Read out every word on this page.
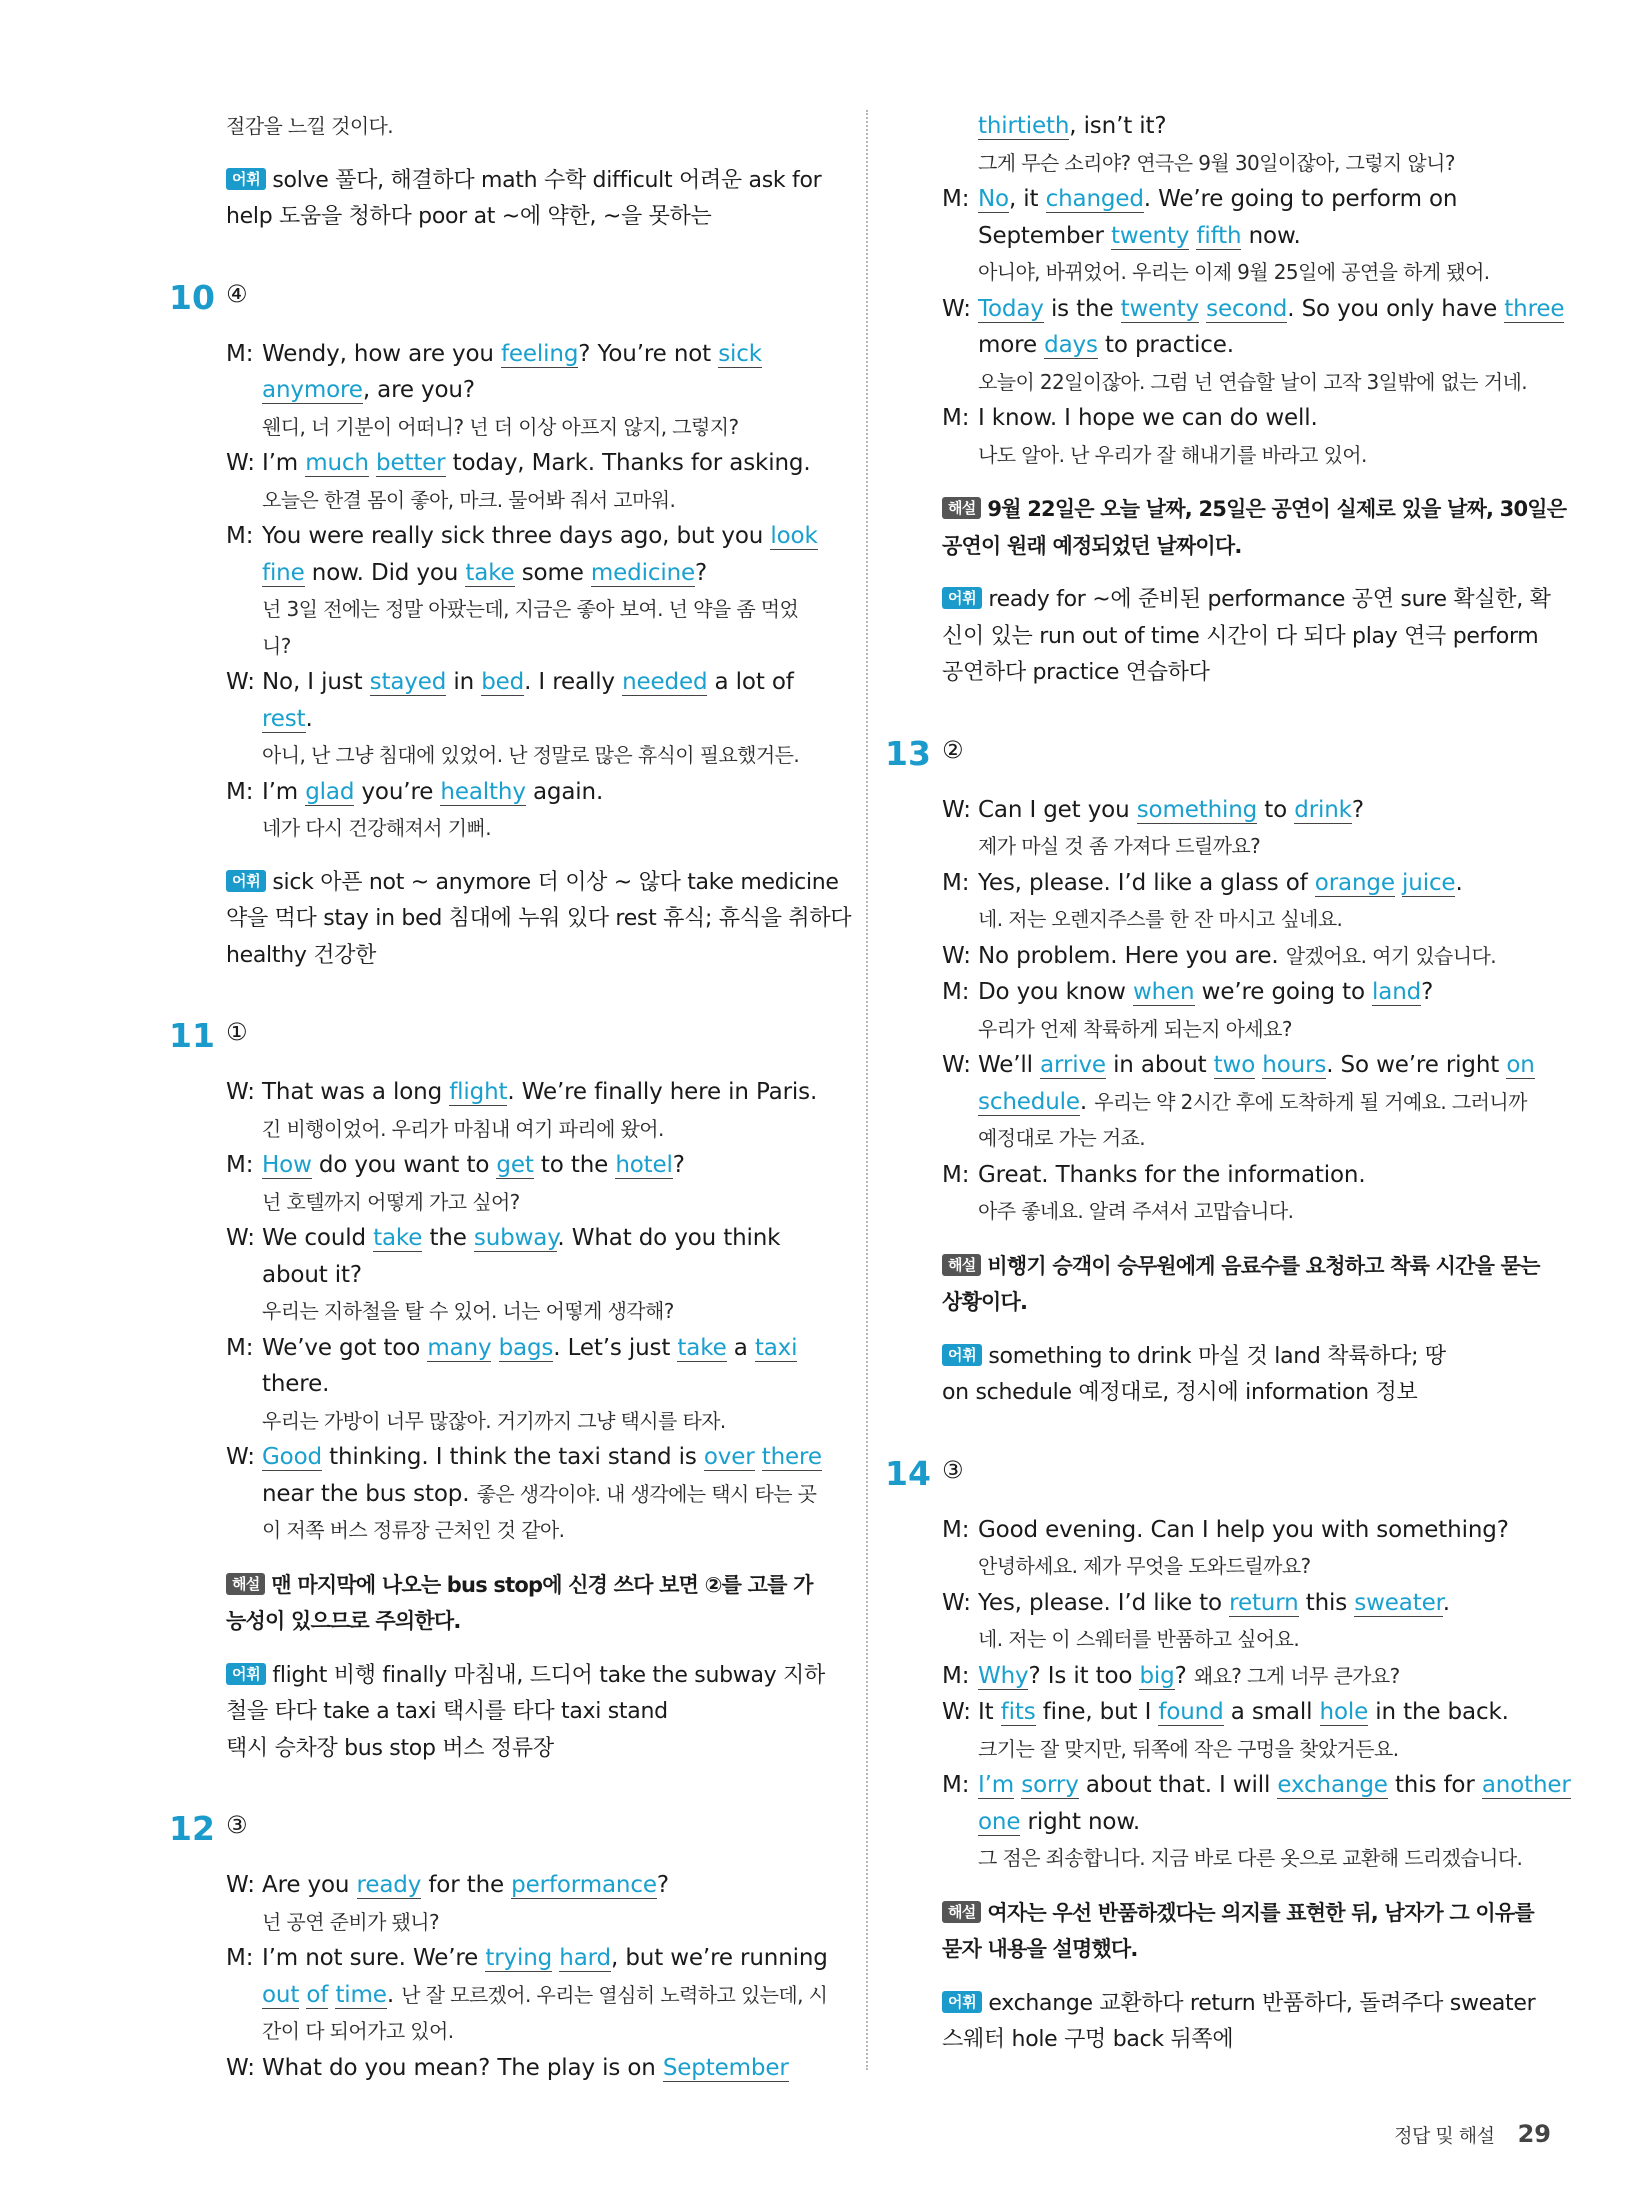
절감을 느낄 것이다.
어휘 solve 풀다, 해결하다 math 수학 difficult 어려운 ask for
help 도움을 청하다 poor at ~에 약한, ~을 못하는
10 ④
M: Wendy, how are you feeling? You’re not sick
anymore, are you?
웬디, 너 기분이 어떠니? 넌 더 이상 아프지 않지, 그렇지?
W: I’m much better today, Mark. Thanks for asking.
오늘은 한결 몸이 좋아, 마크. 물어봐 줘서 고마워.
M: You were really sick three days ago, but you look
fine now. Did you take some medicine?
넌 3일 전에는 정말 아팠는데, 지금은 좋아 보여. 넌 약을 좀 먹었
니?
W: No, I just stayed in bed. I really needed a lot of
rest.
아니, 난 그냥 침대에 있었어. 난 정말로 많은 휴식이 필요했거든.
M: I’m glad you’re healthy again.
네가 다시 건강해져서 기뻐.
어휘 sick 아픈 not ~ anymore 더 이상 ~ 않다 take medicine
약을 먹다 stay in bed 침대에 누워 있다 rest 휴식; 휴식을 취하다
healthy 건강한
11 ①
W: That was a long flight. We’re finally here in Paris.
긴 비행이었어. 우리가 마침내 여기 파리에 왔어.
M: How do you want to get to the hotel?
넌 호텔까지 어떻게 가고 싶어?
W: We could take the subway. What do you think
about it?
우리는 지하철을 탈 수 있어. 너는 어떻게 생각해?
M: We’ve got too many bags. Let’s just take a taxi
there.
우리는 가방이 너무 많잖아. 거기까지 그냥 택시를 타자.
W: Good thinking. I think the taxi stand is over there
near the bus stop. 좋은 생각이야. 내 생각에는 택시 타는 곳
이 저쪽 버스 정류장 근처인 것 같아.
해설 맨 마지막에 나오는 bus stop에 신경 쓰다 보면 ②를 고를 가
능성이 있으므로 주의한다.
어휘 flight 비행 finally 마침내, 드디어 take the subway 지하
철을 타다 take a taxi 택시를 타다 taxi stand
택시 승차장 bus stop 버스 정류장
12 ③
W: Are you ready for the performance?
넌 공연 준비가 됐니?
M: I’m not sure. We’re trying hard, but we’re running
out of time. 난 잘 모르겠어. 우리는 열심히 노력하고 있는데, 시
간이 다 되어가고 있어.
W: What do you mean? The play is on September
thirtieth, isn’t it?
그게 무슨 소리야? 연극은 9월 30일이잖아, 그렇지 않니?
M: No, it changed. We’re going to perform on
September twenty fifth now.
아니야, 바뀌었어. 우리는 이제 9월 25일에 공연을 하게 됐어.
W: Today is the twenty second. So you only have three
more days to practice.
오늘이 22일이잖아. 그럼 넌 연습할 날이 고작 3일밖에 없는 거네.
M: I know. I hope we can do well.
나도 알아. 난 우리가 잘 해내기를 바라고 있어.
해설 9월 22일은 오늘 날짜, 25일은 공연이 실제로 있을 날짜, 30일은
공연이 원래 예정되었던 날짜이다.
어휘 ready for ~에 준비된 performance 공연 sure 확실한, 확
신이 있는 run out of time 시간이 다 되다 play 연극 perform
공연하다 practice 연습하다
13 ②
W: Can I get you something to drink?
제가 마실 것 좀 가져다 드릴까요?
M: Yes, please. I’d like a glass of orange juice.
네. 저는 오렌지주스를 한 잔 마시고 싶네요.
W: No problem. Here you are. 알겠어요. 여기 있습니다.
M: Do you know when we’re going to land?
우리가 언제 착륙하게 되는지 아세요?
W: We’ll arrive in about two hours. So we’re right on
schedule. 우리는 약 2시간 후에 도착하게 될 거예요. 그러니까
예정대로 가는 거죠.
M: Great. Thanks for the information.
아주 좋네요. 알려 주셔서 고맙습니다.
해설 비행기 승객이 승무원에게 음료수를 요청하고 착륙 시간을 묻는
상황이다.
어휘 something to drink 마실 것 land 착륙하다; 땅
on schedule 예정대로, 정시에 information 정보
14 ③
M: Good evening. Can I help you with something?
안녕하세요. 제가 무엇을 도와드릴까요?
W: Yes, please. I’d like to return this sweater.
네. 저는 이 스웨터를 반품하고 싶어요.
M: Why? Is it too big? 왜요? 그게 너무 큰가요?
W: It fits fine, but I found a small hole in the back.
크기는 잘 맞지만, 뒤쪽에 작은 구멍을 찾았거든요.
M: I’m sorry about that. I will exchange this for another
one right now.
그 점은 죄송합니다. 지금 바로 다른 옷으로 교환해 드리겠습니다.
해설 여자는 우선 반품하겠다는 의지를 표현한 뒤, 남자가 그 이유를
묻자 내용을 설명했다.
어휘 exchange 교환하다 return 반품하다, 돌려주다 sweater
스웨터 hole 구멍 back 뒤쪽에
정답 및 해설 29
